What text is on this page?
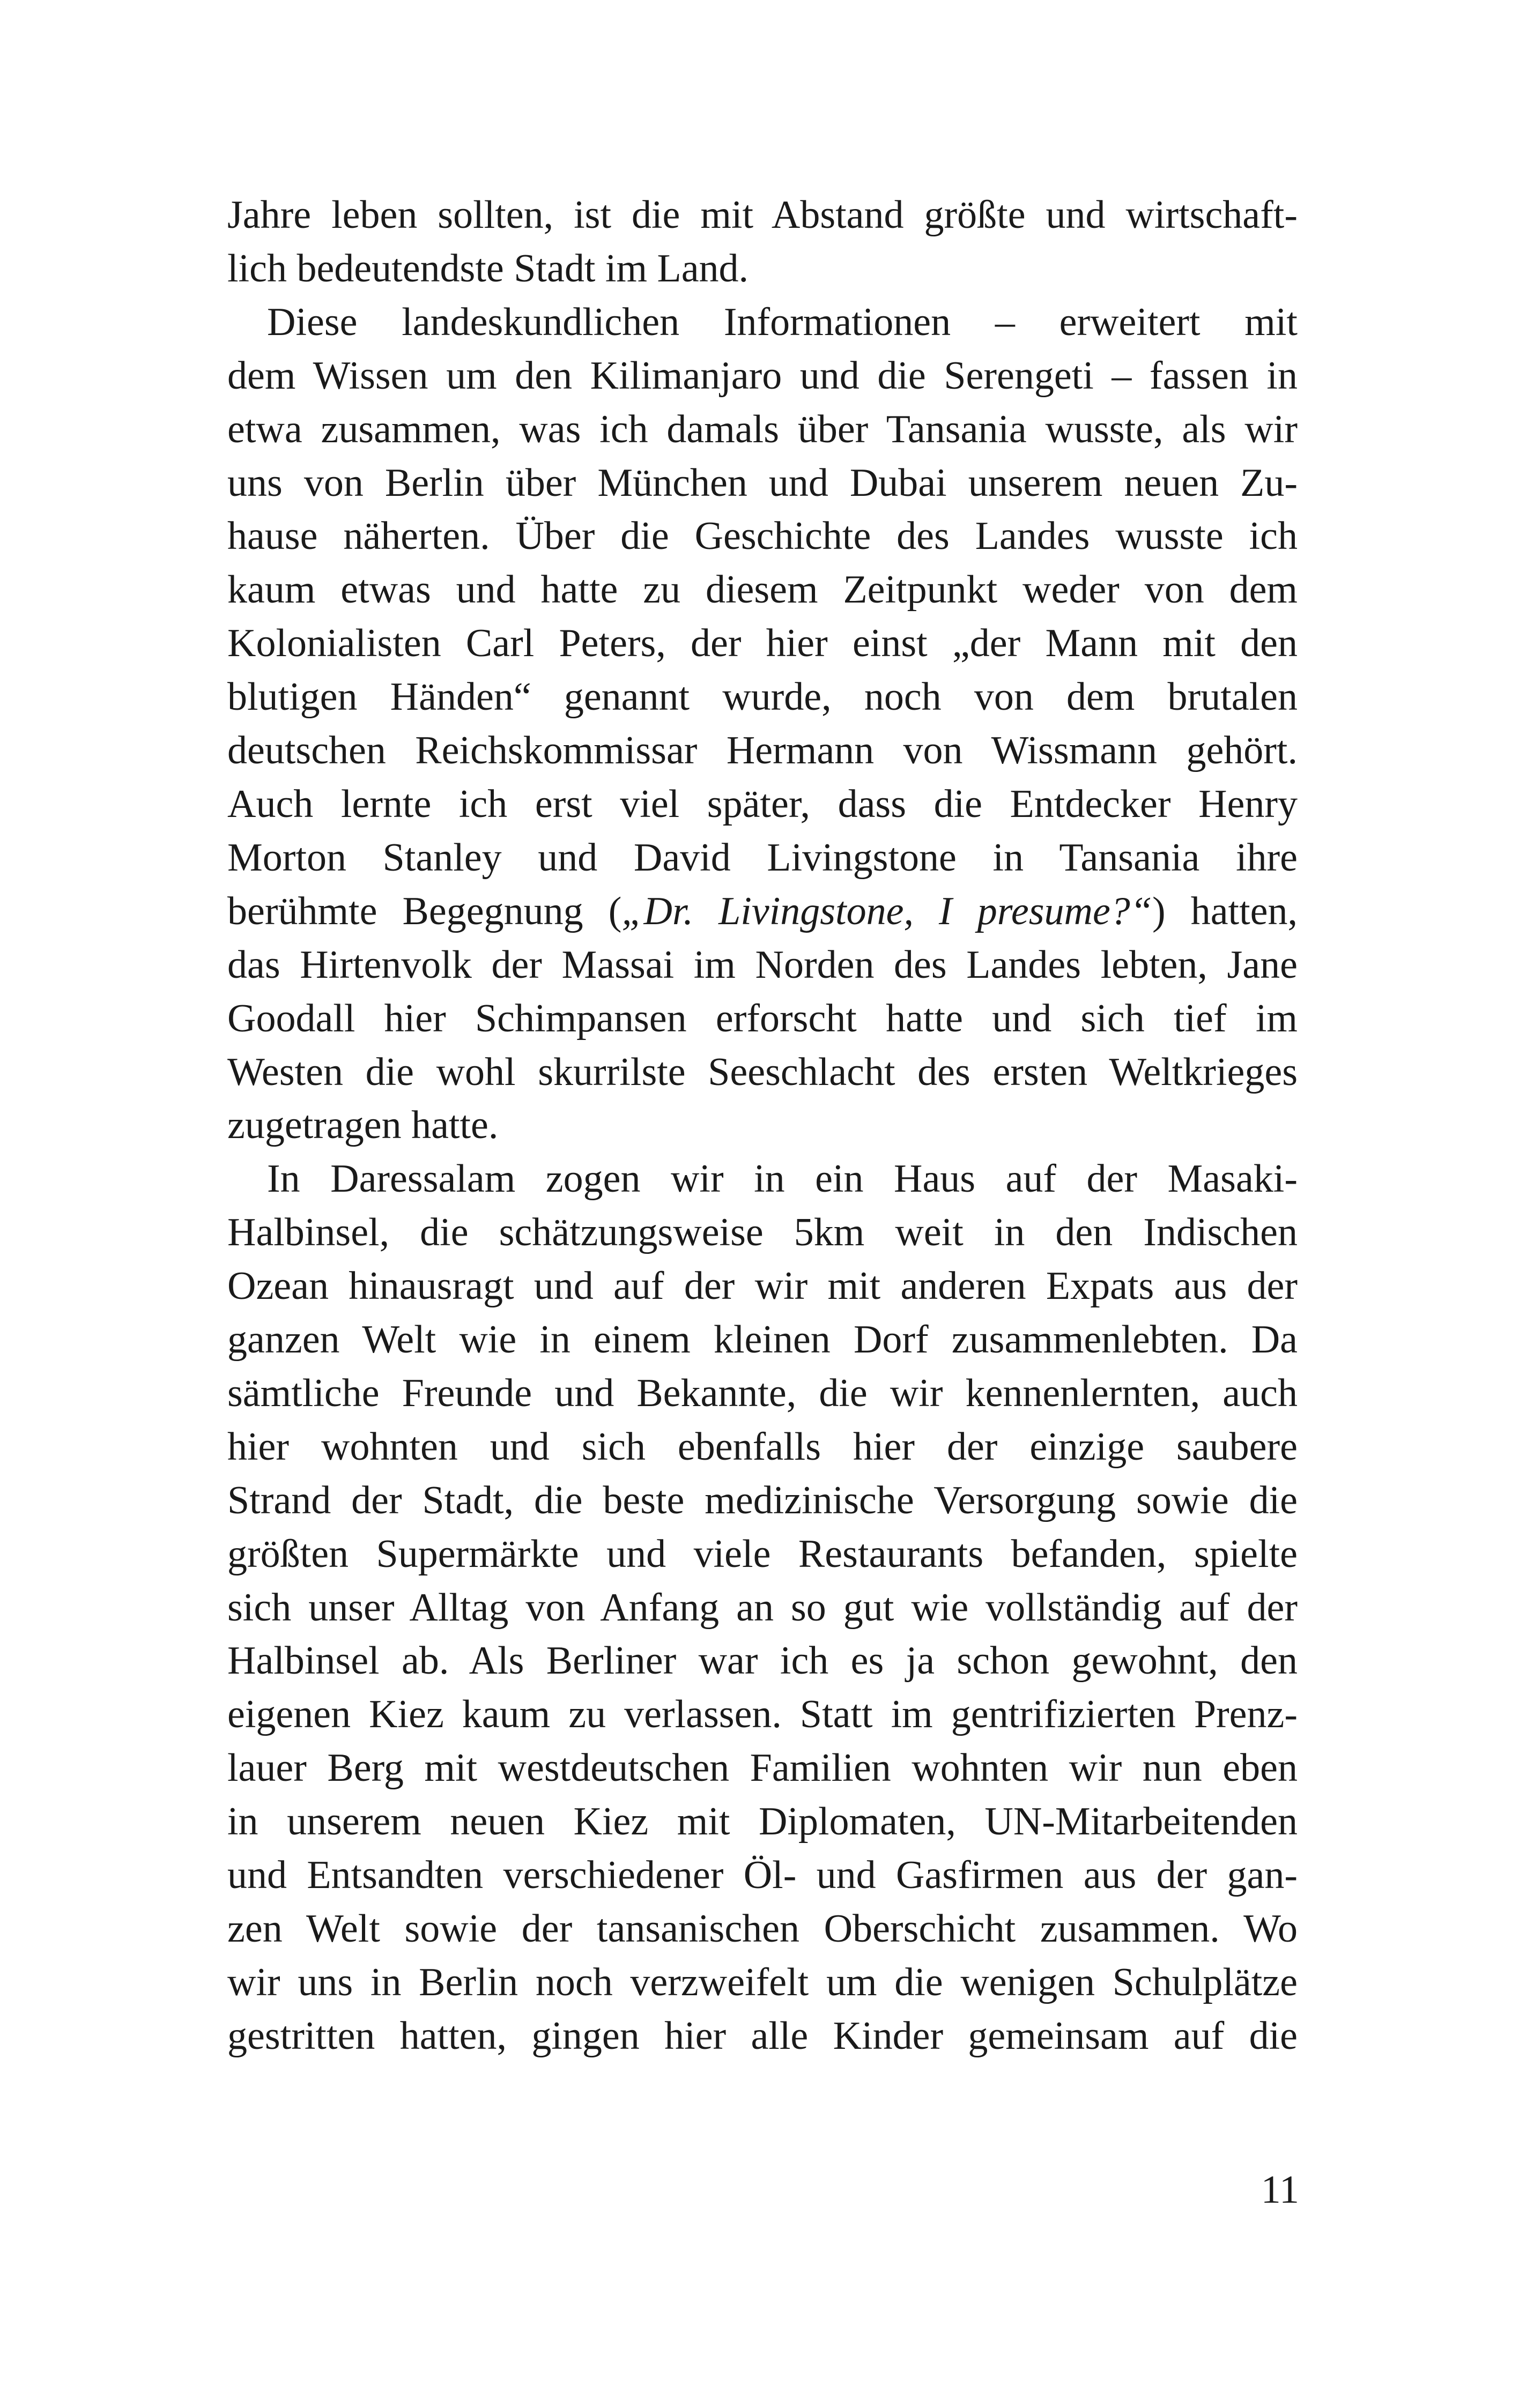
Jahre leben sollten, ist die mit Abstand größte und wirtschaft-
lich bedeutendste Stadt im Land.
Diese landeskundlichen Informationen – erweitert mit
dem Wissen um den Kilimanjaro und die Serengeti – fassen in
etwa zusammen, was ich damals über Tansania wusste, als wir
uns von Berlin über München und Dubai unserem neuen Zu-
hause näherten. Über die Geschichte des Landes wusste ich
kaum etwas und hatte zu diesem Zeitpunkt weder von dem
Kolonialisten Carl Peters, der hier einst „der Mann mit den
blutigen Händen“ genannt wurde, noch von dem brutalen
deutschen Reichskommissar Hermann von Wissmann gehört.
Auch lernte ich erst viel später, dass die Entdecker Henry
Morton Stanley und David Livingstone in Tansania ihre
berühmte Begegnung („Dr. Livingstone, I presume?“) hatten,
das Hirtenvolk der Massai im Norden des Landes lebten, Jane
Goodall hier Schimpansen erforscht hatte und sich tief im
Westen die wohl skurrilste Seeschlacht des ersten Weltkrieges
zugetragen hatte.
In Daressalam zogen wir in ein Haus auf der Masaki-
Halbinsel, die schätzungsweise 5km weit in den Indischen
Ozean hinausragt und auf der wir mit anderen Expats aus der
ganzen Welt wie in einem kleinen Dorf zusammenlebten. Da
sämtliche Freunde und Bekannte, die wir kennenlernten, auch
hier wohnten und sich ebenfalls hier der einzige saubere
Strand der Stadt, die beste medizinische Versorgung sowie die
größten Supermärkte und viele Restaurants befanden, spielte
sich unser Alltag von Anfang an so gut wie vollständig auf der
Halbinsel ab. Als Berliner war ich es ja schon gewohnt, den
eigenen Kiez kaum zu verlassen. Statt im gentrifizierten Prenz-
lauer Berg mit westdeutschen Familien wohnten wir nun eben
in unserem neuen Kiez mit Diplomaten, UN-Mitarbeitenden
und Entsandten verschiedener Öl- und Gasfirmen aus der gan-
zen Welt sowie der tansanischen Oberschicht zusammen. Wo
wir uns in Berlin noch verzweifelt um die wenigen Schulplätze
gestritten hatten, gingen hier alle Kinder gemeinsam auf die
11
